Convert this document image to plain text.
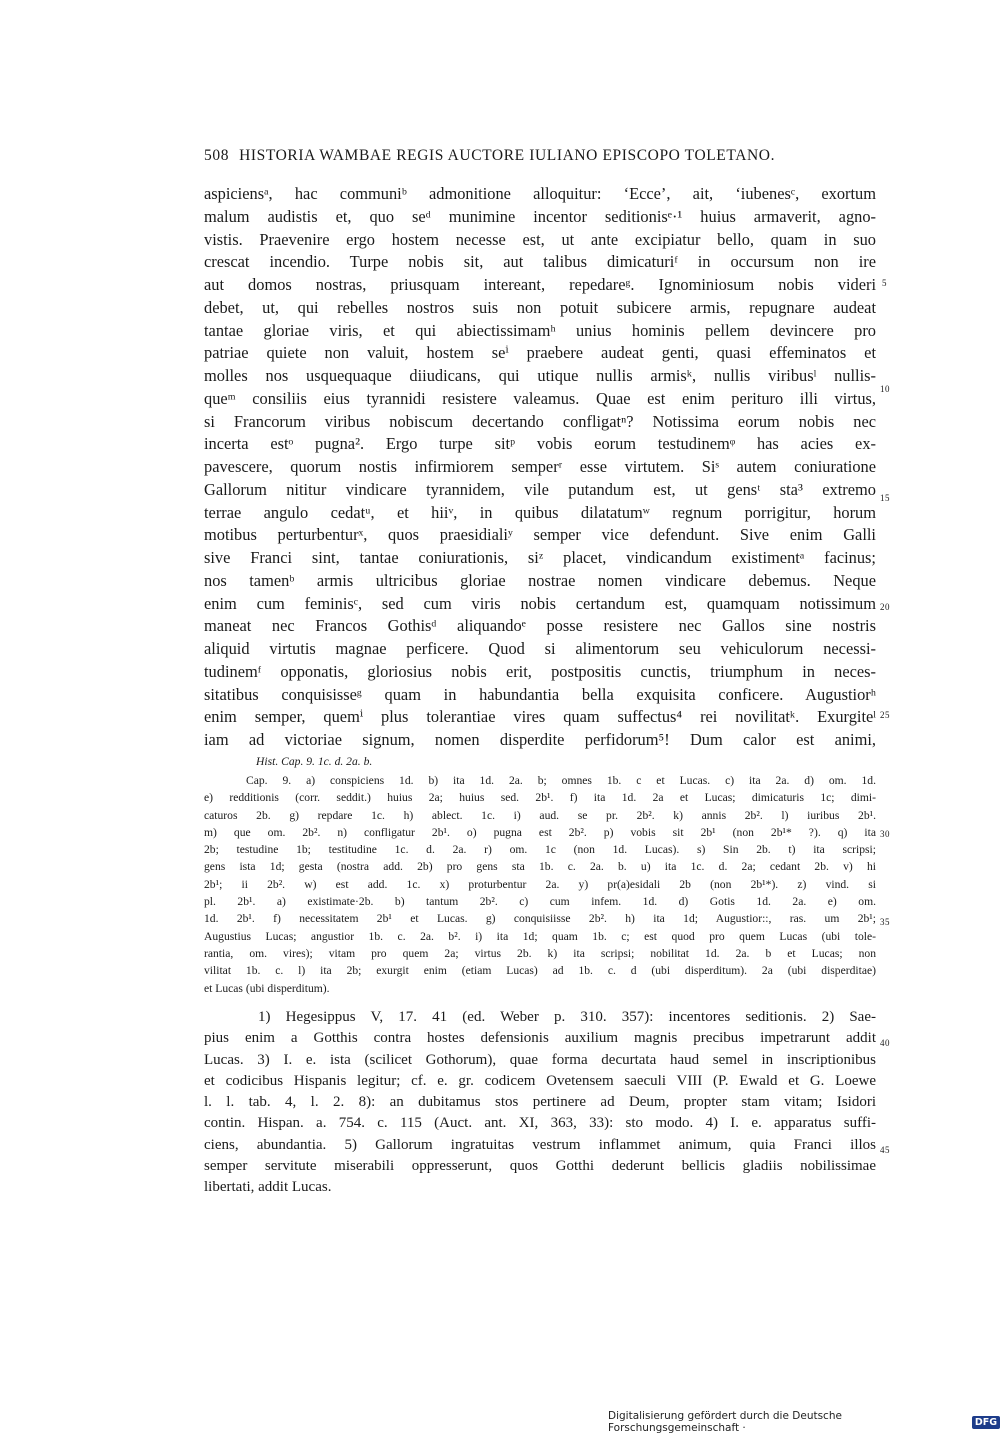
508 HISTORIA WAMBAE REGIS AUCTORE IULIANO EPISCOPO TOLETANO.
aspiciensᵃ, hac communiᵇ admonitione alloquitur: ‘Ecce’, ait, ‘iubenesᶜ, exortum
malum audistis et, quo seᵈ munimine incentor seditionisᵉ·¹ huius armaverit, agno-
vistis. Praevenire ergo hostem necesse est, ut ante excipiatur bello, quam in suo
crescat incendio. Turpe nobis sit, aut talibus dimicaturiᶠ in occursum non ire
aut domos nostras, priusquam intereant, repedareᵍ. Ignominiosum nobis videri
debet, ut, qui rebelles nostros suis non potuit subicere armis, repugnare audeat
tantae gloriae viris, et qui abiectissimamʰ unius hominis pellem devincere pro
patriae quiete non valuit, hostem seⁱ praebere audeat genti, quasi effeminatos et
molles nos usquequaque diiudicans, qui utique nullis armisᵏ, nullis viribusˡ nullis-
queᵐ consiliis eius tyrannidi resistere valeamus. Quae est enim perituro illi virtus,
si Francorum viribus nobiscum decertando confligatⁿ? Notissima eorum nobis nec
incerta estᵒ pugna². Ergo turpe sitᵖ vobis eorum testudinemᵠ has acies ex-
pavescere, quorum nostis infirmiorem semperʳ esse virtutem. Siˢ autem coniuratione
Gallorum nititur vindicare tyrannidem, vile putandum est, ut gensᵗ sta³ extremo
terrae angulo cedatᵘ, et hiiᵛ, in quibus dilatatumʷ regnum porrigitur, horum
motibus perturbenturˣ, quos praesidialiʸ semper vice defendunt. Sive enim Galli
sive Franci sint, tantae coniurationis, siᶻ placet, vindicandum existimentᵃ facinus;
nos tamenᵇ armis ultricibus gloriae nostrae nomen vindicare debemus. Neque
enim cum feminisᶜ, sed cum viris nobis certandum est, quamquam notissimum
maneat nec Francos Gothisᵈ aliquandoᵉ posse resistere nec Gallos sine nostris
aliquid virtutis magnae perficere. Quod si alimentorum seu vehiculorum necessi-
tudinemᶠ opponatis, gloriosius nobis erit, postpositis cunctis, triumphum in neces-
sitatibus conquisisseᵍ quam in habundantia bella exquisita conficere. Augustiorʰ
enim semper, quemⁱ plus tolerantiae vires quam suffectus⁴ rei novilitatᵏ. Exurgiteˡ
iam ad victoriae signum, nomen disperdite perfidorum⁵! Dum calor est animi,
5
10
15
20
25
30
35
40
45
Hist. Cap. 9. 1c. d. 2a. b.
Cap. 9. a) conspiciens 1d. b) ita 1d. 2a. b; omnes 1b. c et Lucas. c) ita 2a. d) om. 1d.
e) redditionis (corr. seddit.) huius 2a; huius sed. 2b¹. f) ita 1d. 2a et Lucas; dimicaturis 1c; dimi-
caturos 2b. g) repdare 1c. h) ablect. 1c. i) aud. se pr. 2b². k) annis 2b². l) iuribus 2b¹.
m) que om. 2b². n) confligatur 2b¹. o) pugna est 2b². p) vobis sit 2b¹ (non 2b¹* ?). q) ita
2b; testudine 1b; testitudine 1c. d. 2a. r) om. 1c (non 1d. Lucas). s) Sin 2b. t) ita scripsi;
gens ista 1d; gesta (nostra add. 2b) pro gens sta 1b. c. 2a. b. u) ita 1c. d. 2a; cedant 2b. v) hi
2b¹; ii 2b². w) est add. 1c. x) proturbentur 2a. y) pr(a)esidali 2b (non 2b¹*). z) vind. si
pl. 2b¹. a) existimate·2b. b) tantum 2b². c) cum infem. 1d. d) Gotis 1d. 2a. e) om.
1d. 2b¹. f) necessitatem 2b¹ et Lucas. g) conquisiisse 2b². h) ita 1d; Augustior::, ras. um 2b¹;
Augustius Lucas; angustior 1b. c. 2a. b². i) ita 1d; quam 1b. c; est quod pro quem Lucas (ubi tole-
rantia, om. vires); vitam pro quem 2a; virtus 2b. k) ita scripsi; nobilitat 1d. 2a. b et Lucas; non
vilitat 1b. c. l) ita 2b; exurgit enim (etiam Lucas) ad 1b. c. d (ubi disperditum). 2a (ubi disperditae)
et Lucas (ubi disperditum).
1) Hegesippus V, 17. 41 (ed. Weber p. 310. 357): incentores seditionis. 2) Sae-
pius enim a Gotthis contra hostes defensionis auxilium magnis precibus impetrarunt addit
Lucas. 3) I. e. ista (scilicet Gothorum), quae forma decurtata haud semel in inscriptionibus
et codicibus Hispanis legitur; cf. e. gr. codicem Ovetensem saeculi VIII (P. Ewald et G. Loewe
l. l. tab. 4, l. 2. 8): an dubitamus stos pertinere ad Deum, propter stam vitam; Isidori
contin. Hispan. a. 754. c. 115 (Auct. ant. XI, 363, 33): sto modo. 4) I. e. apparatus suffi-
ciens, abundantia. 5) Gallorum ingratuitas vestrum inflammet animum, quia Franci illos
semper servitute miserabili oppresserunt, quos Gotthi dederunt bellicis gladiis nobilissimae
libertati, addit Lucas.
Digitalisierung gefördert durch die Deutsche Forschungsgemeinschaft ·	DFG
